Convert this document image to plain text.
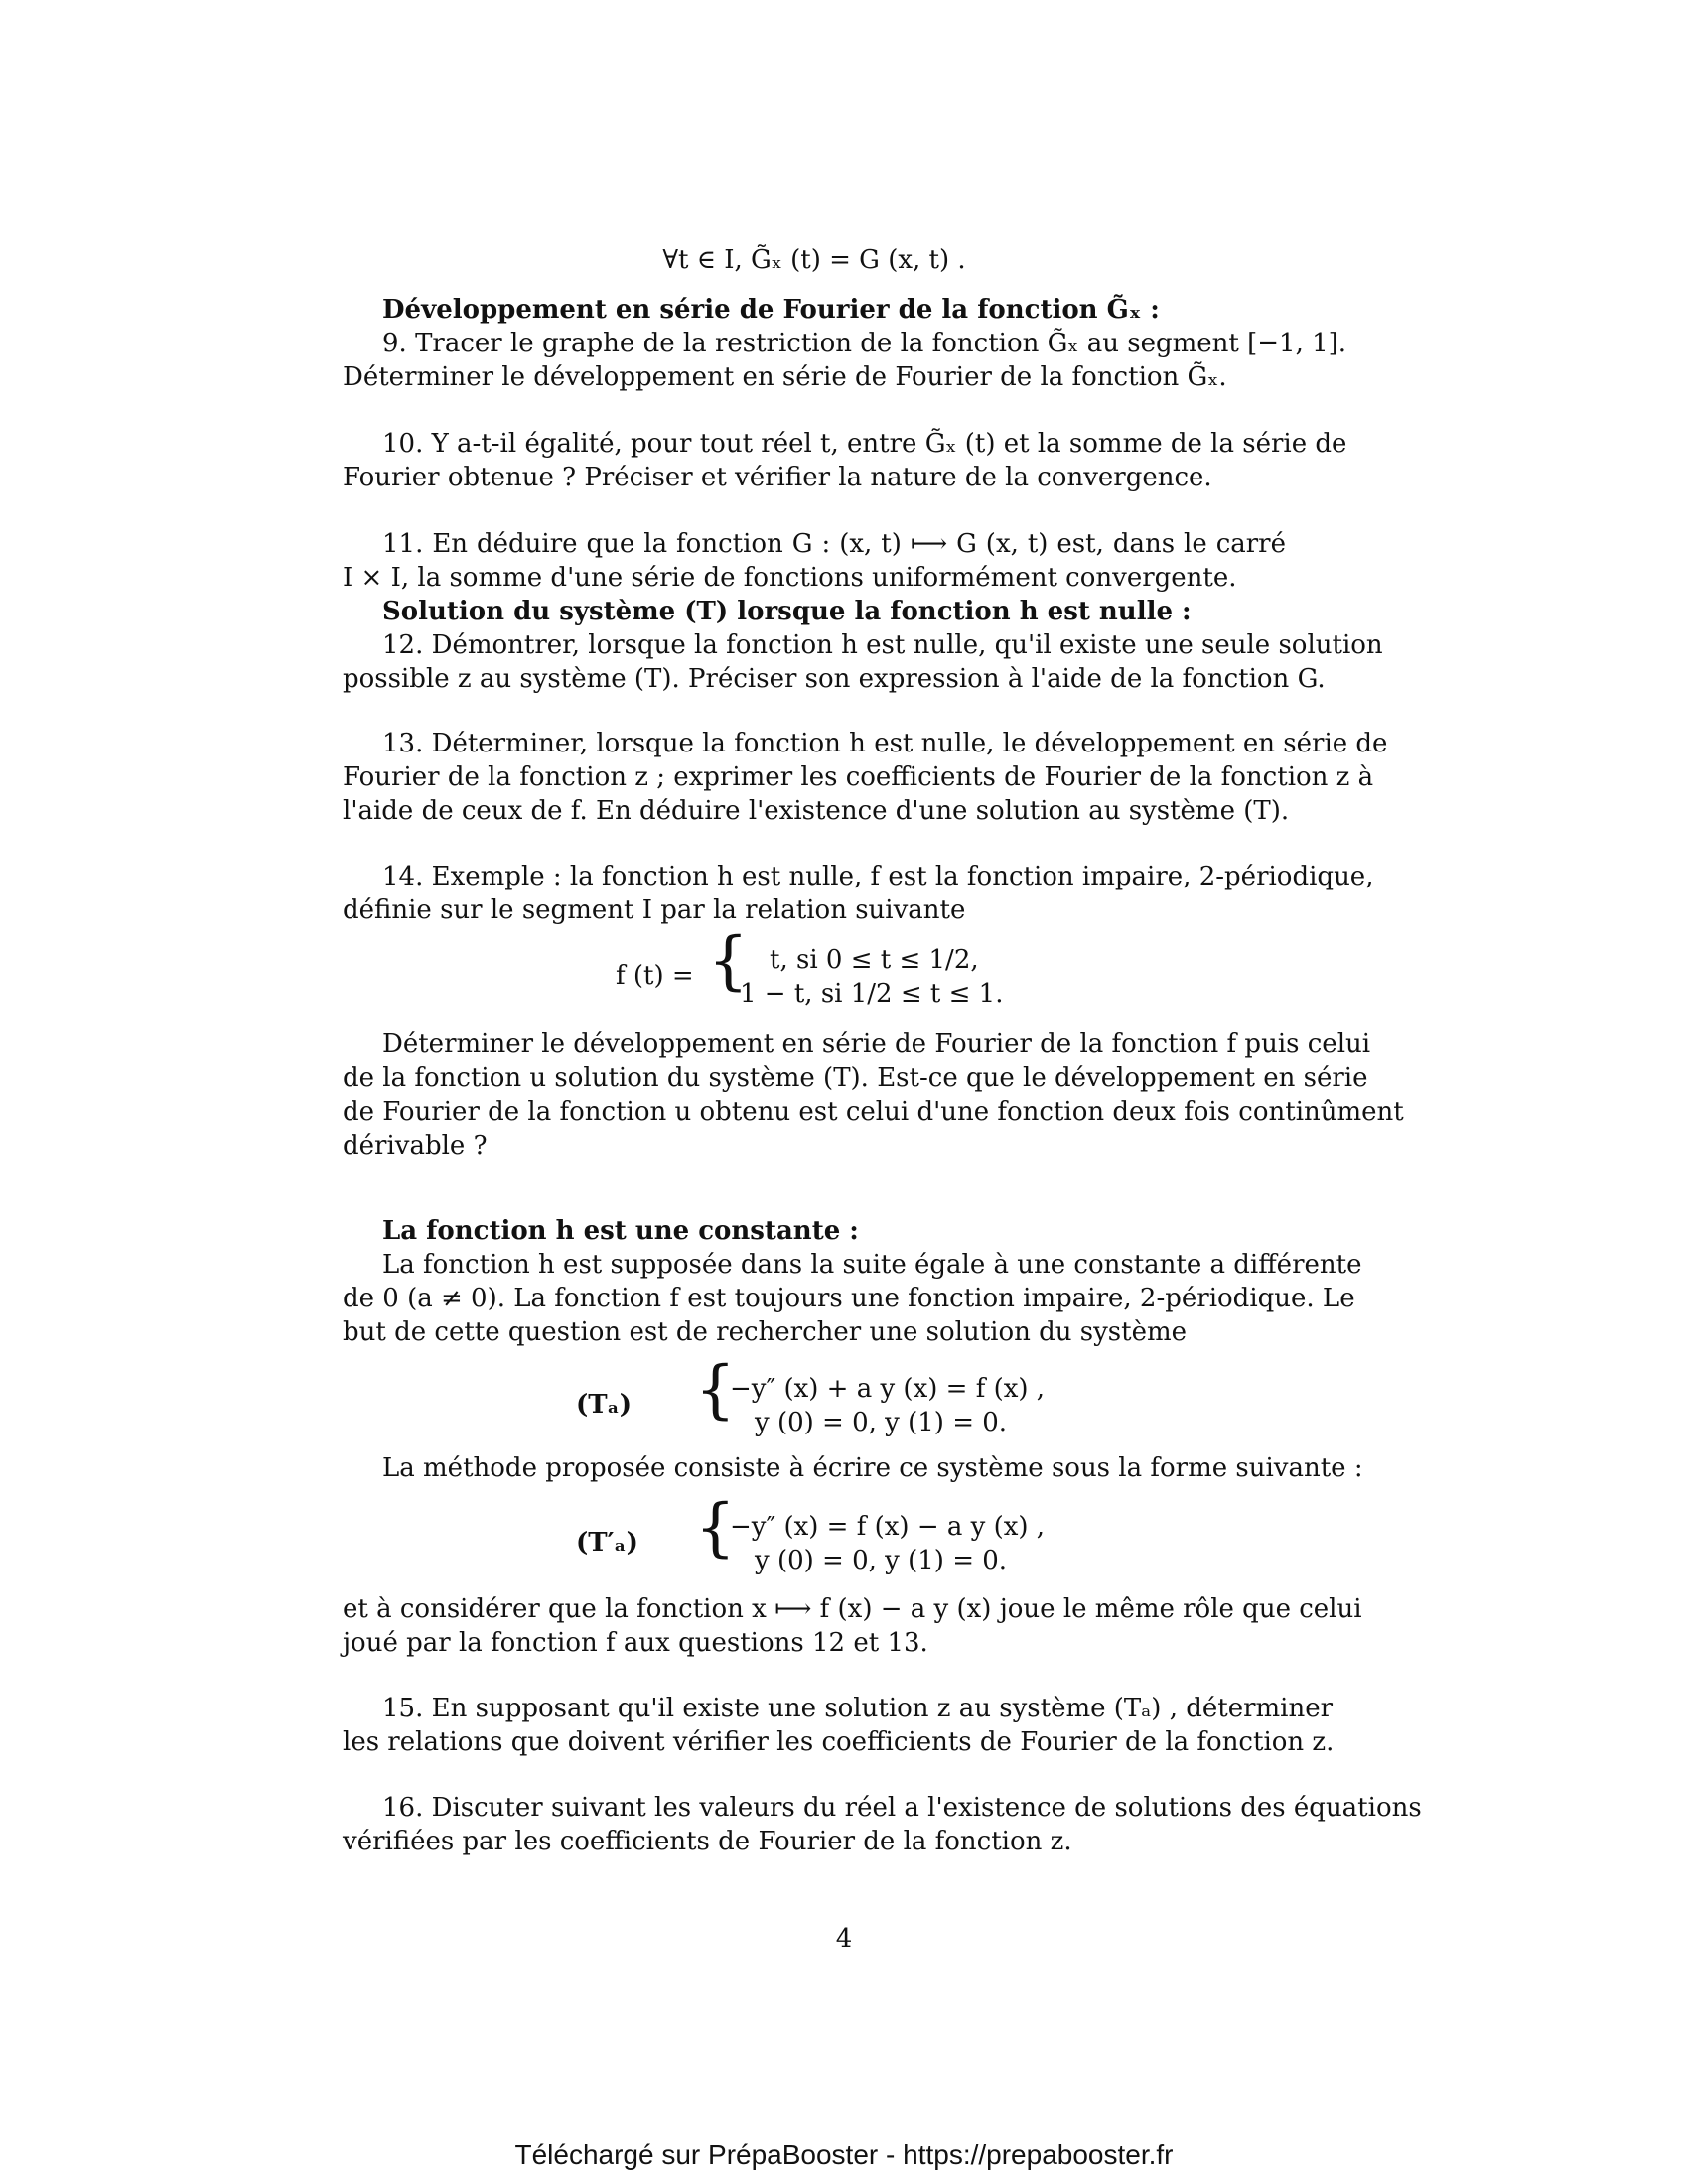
∀t ∈ I, G̃ₓ (t) = G (x, t) .
Développement en série de Fourier de la fonction G̃ₓ :
9. Tracer le graphe de la restriction de la fonction G̃ₓ au segment [−1, 1].
Déterminer le développement en série de Fourier de la fonction G̃ₓ.
10. Y a-t-il égalité, pour tout réel t, entre G̃ₓ (t) et la somme de la série de
Fourier obtenue ? Préciser et vérifier la nature de la convergence.
11. En déduire que la fonction G : (x, t) ⟼ G (x, t) est, dans le carré
I × I, la somme d'une série de fonctions uniformément convergente.
Solution du système (T) lorsque la fonction h est nulle :
12. Démontrer, lorsque la fonction h est nulle, qu'il existe une seule solution
possible z au système (T). Préciser son expression à l'aide de la fonction G.
13. Déterminer, lorsque la fonction h est nulle, le développement en série de
Fourier de la fonction z ; exprimer les coefficients de Fourier de la fonction z à
l'aide de ceux de f. En déduire l'existence d'une solution au système (T).
14. Exemple : la fonction h est nulle, f est la fonction impaire, 2-périodique,
définie sur le segment I par la relation suivante
f (t) = { t, si 0 ≤ t ≤ 1/2,
1 − t, si 1/2 ≤ t ≤ 1.
Déterminer le développement en série de Fourier de la fonction f puis celui
de la fonction u solution du système (T). Est-ce que le développement en série
de Fourier de la fonction u obtenu est celui d'une fonction deux fois continûment
dérivable ?
La fonction h est une constante :
La fonction h est supposée dans la suite égale à une constante a différente
de 0 (a ≠ 0). La fonction f est toujours une fonction impaire, 2-périodique. Le
but de cette question est de rechercher une solution du système
(Tₐ) {
−y″ (x) + a y (x) = f (x) ,
y (0) = 0, y (1) = 0.
La méthode proposée consiste à écrire ce système sous la forme suivante :
(T′ₐ) {
−y″ (x) = f (x) − a y (x) ,
y (0) = 0, y (1) = 0.
et à considérer que la fonction x ⟼ f (x) − a y (x) joue le même rôle que celui
joué par la fonction f aux questions 12 et 13.
15. En supposant qu'il existe une solution z au système (Tₐ) , déterminer
les relations que doivent vérifier les coefficients de Fourier de la fonction z.
16. Discuter suivant les valeurs du réel a l'existence de solutions des équations
vérifiées par les coefficients de Fourier de la fonction z.
4
Téléchargé sur PrépaBooster - https://prepabooster.fr
